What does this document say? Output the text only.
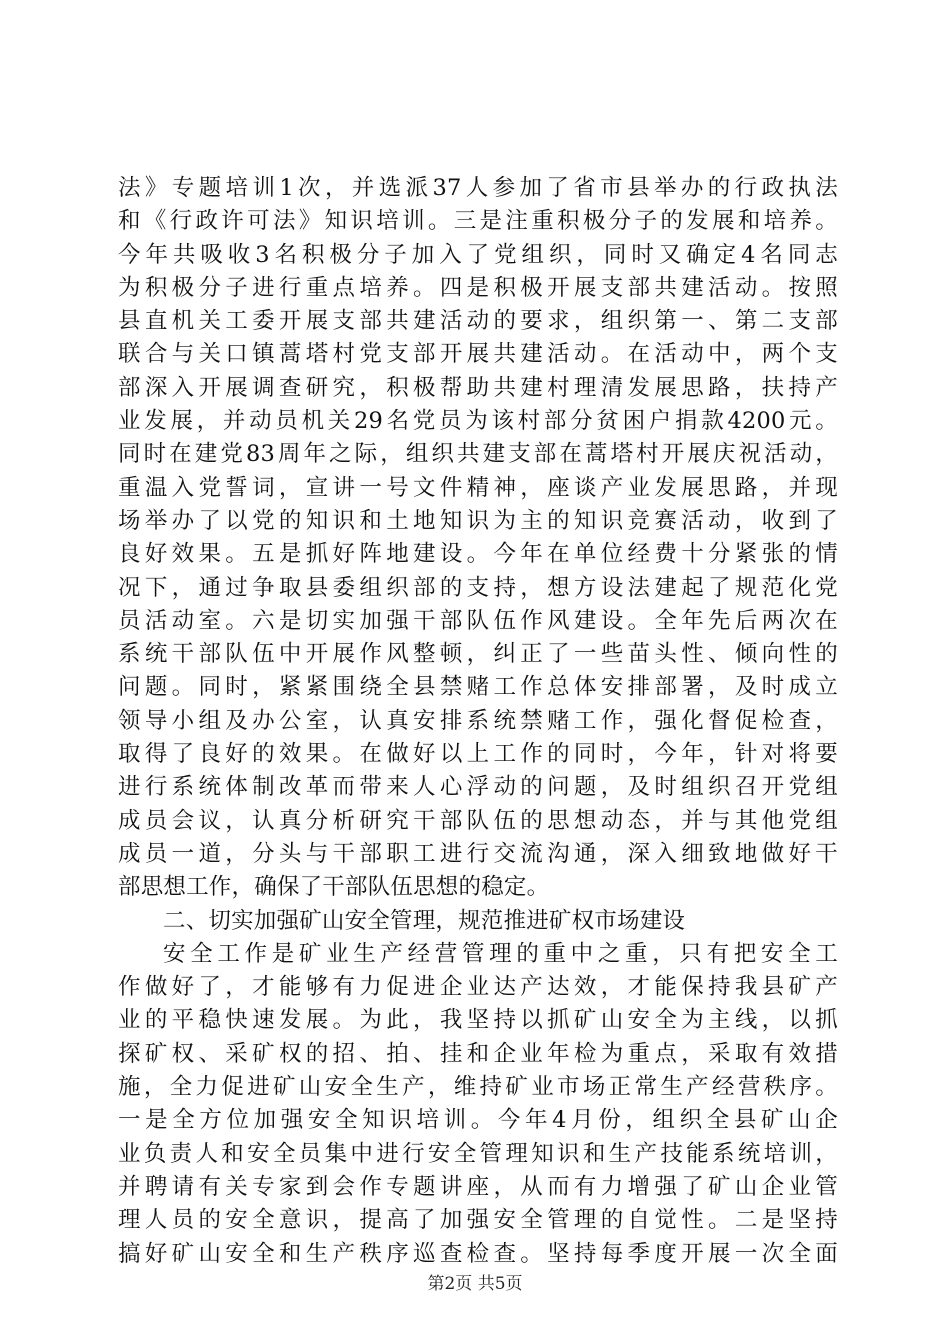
法》专题培训1次，并选派37人参加了省市县举办的行政执法
和《行政许可法》知识培训。三是注重积极分子的发展和培养。
今年共吸收3名积极分子加入了党组织，同时又确定4名同志
为积极分子进行重点培养。四是积极开展支部共建活动。按照
县直机关工委开展支部共建活动的要求，组织第一、第二支部
联合与关口镇蒿塔村党支部开展共建活动。在活动中，两个支
部深入开展调查研究，积极帮助共建村理清发展思路，扶持产
业发展，并动员机关29名党员为该村部分贫困户捐款4200元。
同时在建党83周年之际，组织共建支部在蒿塔村开展庆祝活动，
重温入党誓词，宣讲一号文件精神，座谈产业发展思路，并现
场举办了以党的知识和土地知识为主的知识竞赛活动，收到了
良好效果。五是抓好阵地建设。今年在单位经费十分紧张的情
况下，通过争取县委组织部的支持，想方设法建起了规范化党
员活动室。六是切实加强干部队伍作风建设。全年先后两次在
系统干部队伍中开展作风整顿，纠正了一些苗头性、倾向性的
问题。同时，紧紧围绕全县禁赌工作总体安排部署，及时成立
领导小组及办公室，认真安排系统禁赌工作，强化督促检查，
取得了良好的效果。在做好以上工作的同时，今年，针对将要
进行系统体制改革而带来人心浮动的问题，及时组织召开党组
成员会议，认真分析研究干部队伍的思想动态，并与其他党组
成员一道，分头与干部职工进行交流沟通，深入细致地做好干
部思想工作，确保了干部队伍思想的稳定。
二、切实加强矿山安全管理，规范推进矿权市场建设
安全工作是矿业生产经营管理的重中之重，只有把安全工
作做好了，才能够有力促进企业达产达效，才能保持我县矿产
业的平稳快速发展。为此，我坚持以抓矿山安全为主线，以抓
探矿权、采矿权的招、拍、挂和企业年检为重点，采取有效措
施，全力促进矿山安全生产，维持矿业市场正常生产经营秩序。
一是全方位加强安全知识培训。今年4月份，组织全县矿山企
业负责人和安全员集中进行安全管理知识和生产技能系统培训，
并聘请有关专家到会作专题讲座，从而有力增强了矿山企业管
理人员的安全意识，提高了加强安全管理的自觉性。二是坚持
搞好矿山安全和生产秩序巡查检查。坚持每季度开展一次全面
第2页 共5页
